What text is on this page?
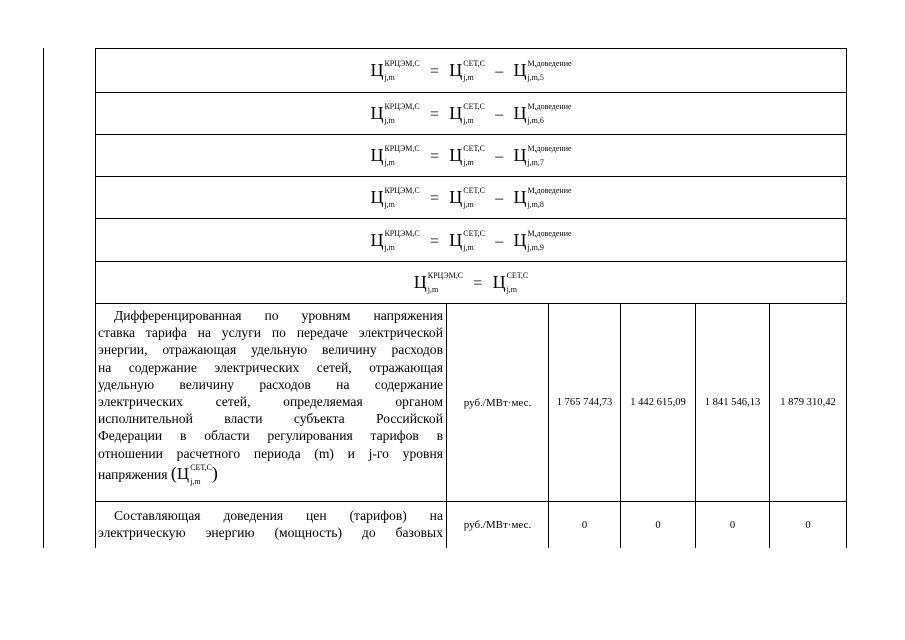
Ц КРЦЭМ,C
j,m	= Ц СЕТ,C
j,m	– Ц М,доведение
j,m,5
Ц КРЦЭМ,C
j,m	= Ц СЕТ,C
j,m	– Ц М,доведение
j,m,6
Ц КРЦЭМ,C
j,m	= Ц СЕТ,C
j,m	– Ц М,доведение
j,m,7
Ц КРЦЭМ,C
j,m	= Ц СЕТ,C
j,m	– Ц М,доведение
j,m,8
Ц КРЦЭМ,C
j,m	= Ц СЕТ,C
j,m	– Ц М,доведение
j,m,9
Ц КРЦЭМ,C
j,m	= Ц СЕТ,C
j,m
Дифференцированная по уровням напряжения
ставка тарифа на услуги по передаче электрической
энергии, отражающая удельную величину расходов
на содержание электрических сетей, отражающая
удельную величину расходов на содержание
электрических сетей, определяемая органом
исполнительной власти субъекта Российской
Федерации в области регулирования тарифов в
отношении расчетного периода (m) и j-го уровня
напряжения (Ц СЕТ,C
j,m )
руб./МВт·мес.	1 765 744,73	1 442 615,09	1 841 546,13	1 879 310,42
Составляющая доведения цен (тарифов) на
электрическую энергию (мощность) до базовых
руб./МВт·мес.	0	0	0	0
